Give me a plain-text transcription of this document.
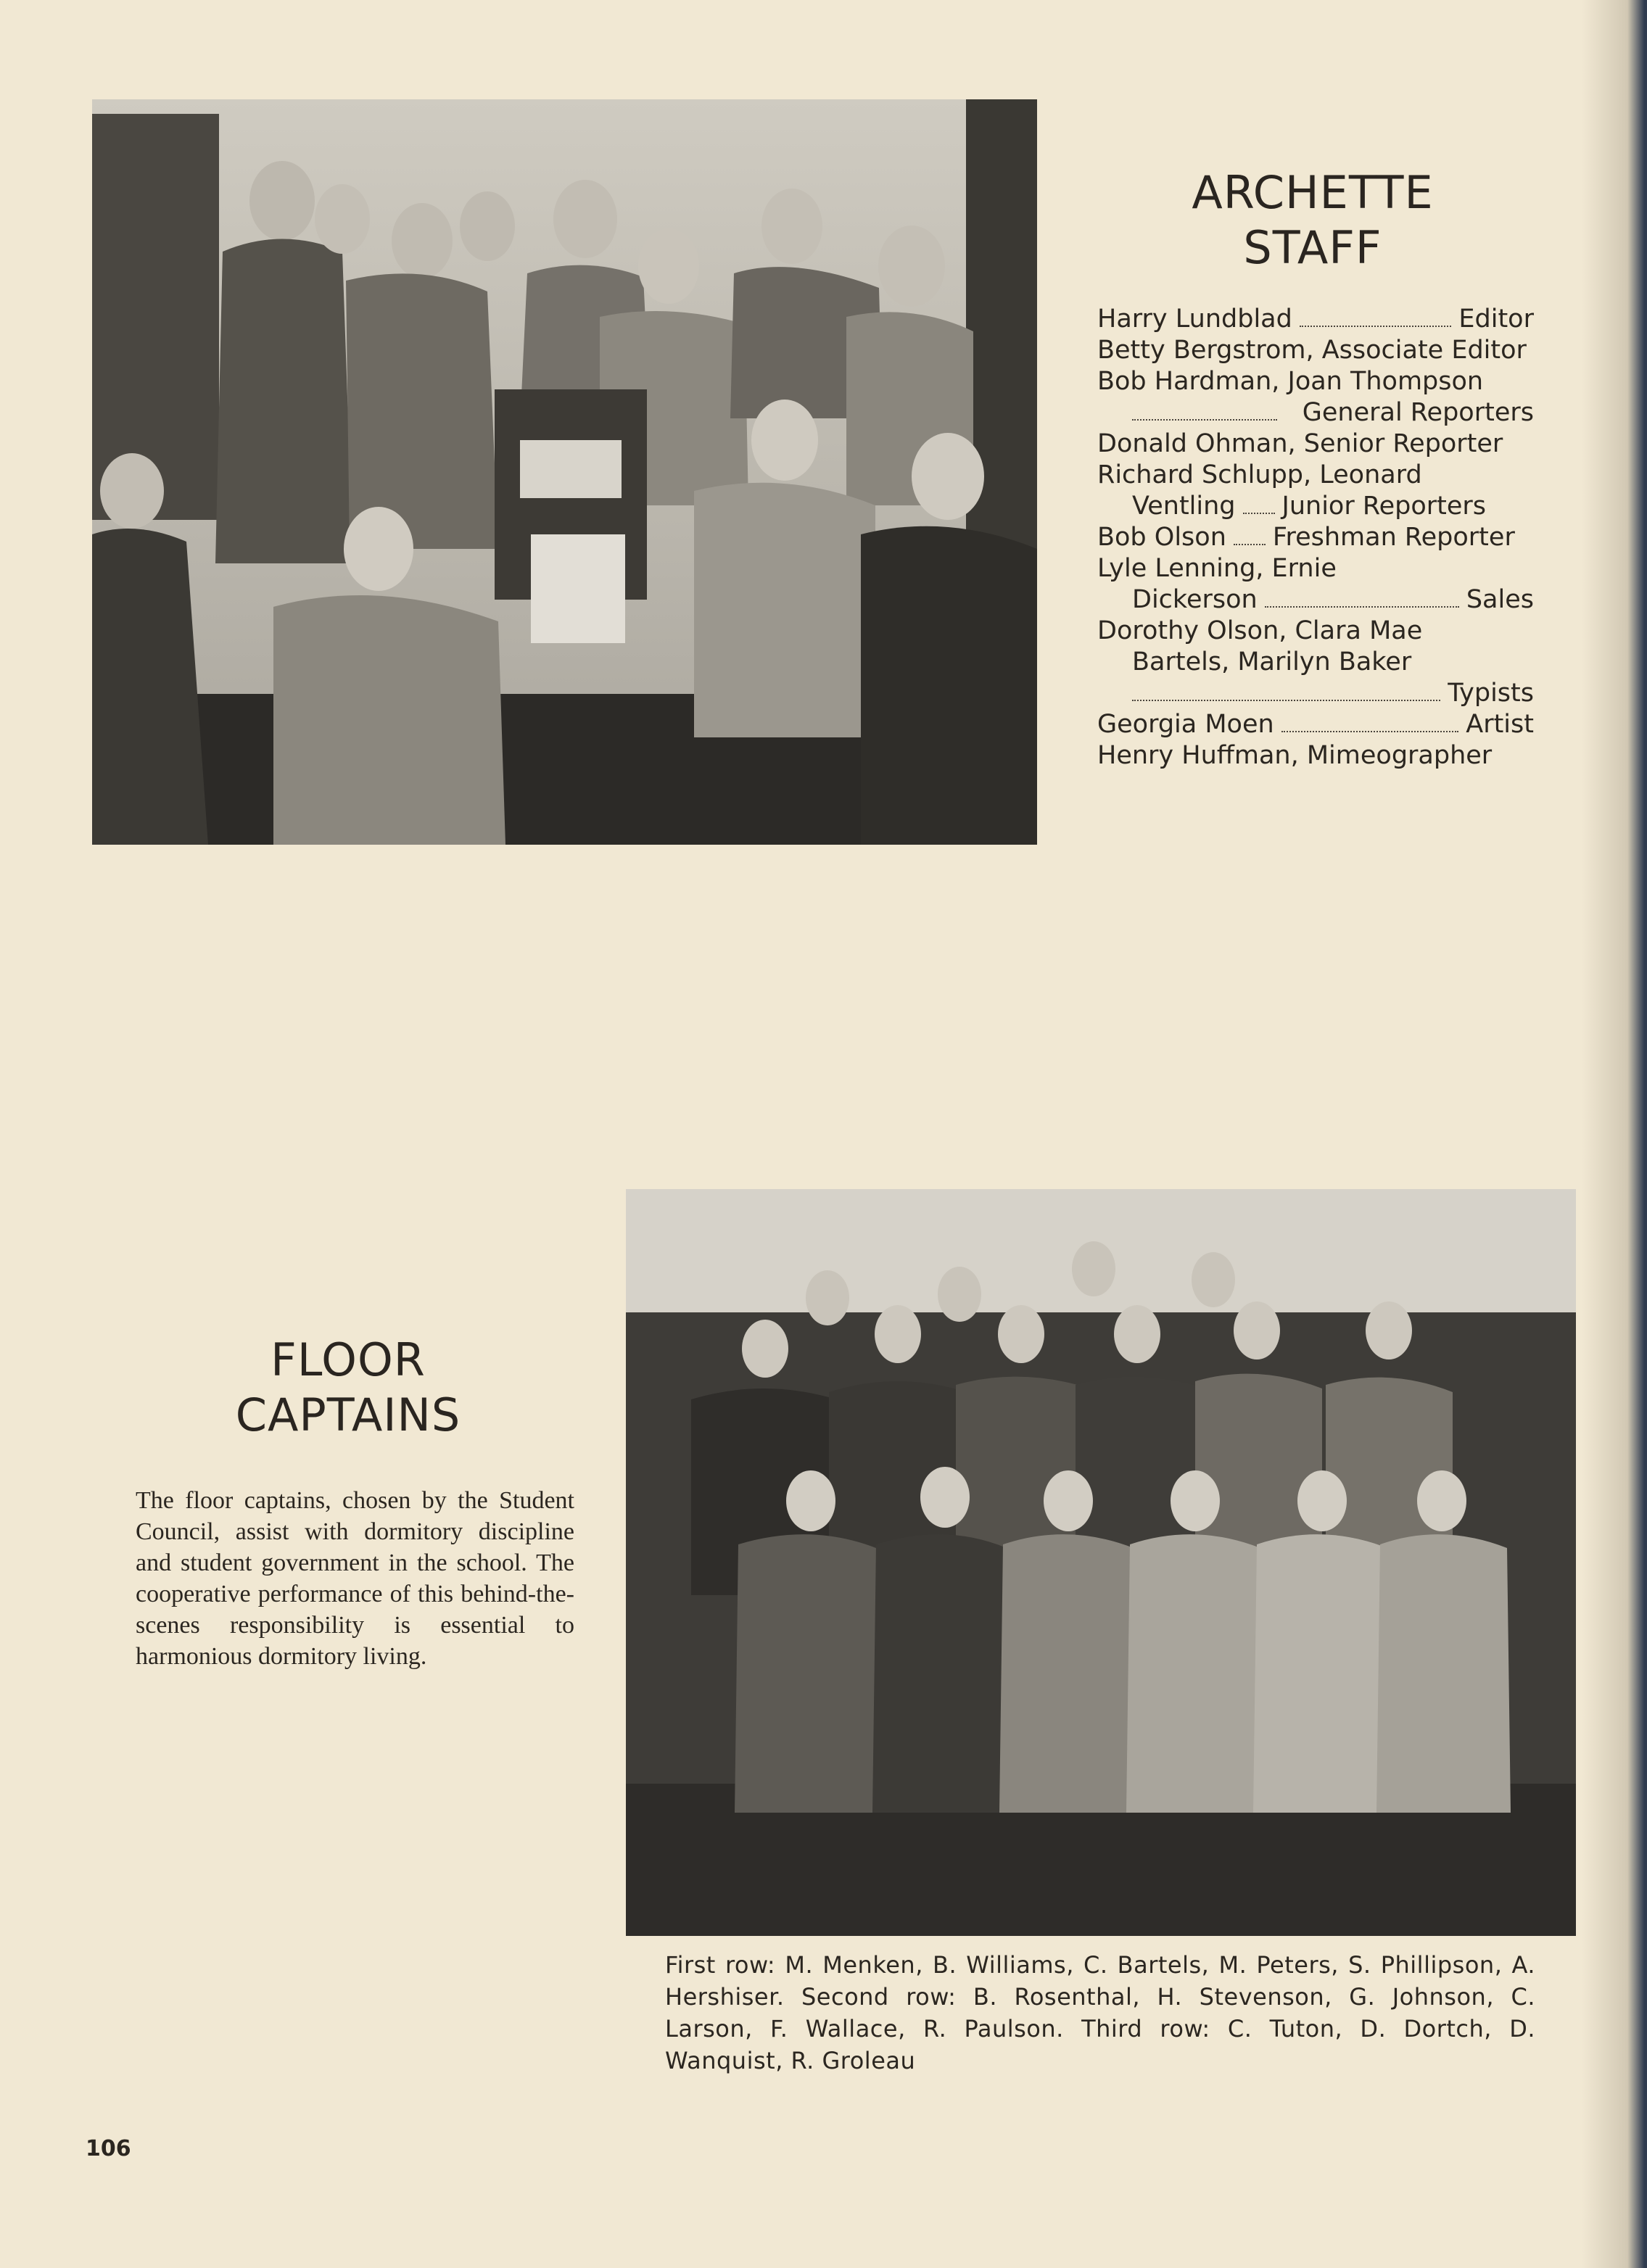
ARCHETTE
STAFF
Harry Lundblad	Editor
Betty Bergstrom, Associate Editor
Bob Hardman, Joan Thompson
General Reporters
Donald Ohman, Senior Reporter
Richard Schlupp, Leonard
Ventling Junior Reporters
Bob Olson Freshman Reporter
Lyle Lenning, Ernie
Dickerson	Sales
Dorothy Olson, Clara Mae
Bartels, Marilyn Baker
Typists
Georgia Moen	Artist
Henry Huffman, Mimeographer
FLOOR
CAPTAINS
The floor captains, chosen by the Student Council, assist with dormitory discipline and student government in the school. The cooperative performance of this behind-the- scenes responsibility is essential to harmonious dormitory living.
First row: M. Menken, B. Williams, C. Bartels, M. Peters, S. Phillipson, A. Hershiser. Second row: B. Rosenthal, H. Stevenson, G. Johnson, C. Larson, F. Wallace, R. Paulson. Third row: C. Tuton, D. Dortch, D. Wanquist, R. Groleau
106
